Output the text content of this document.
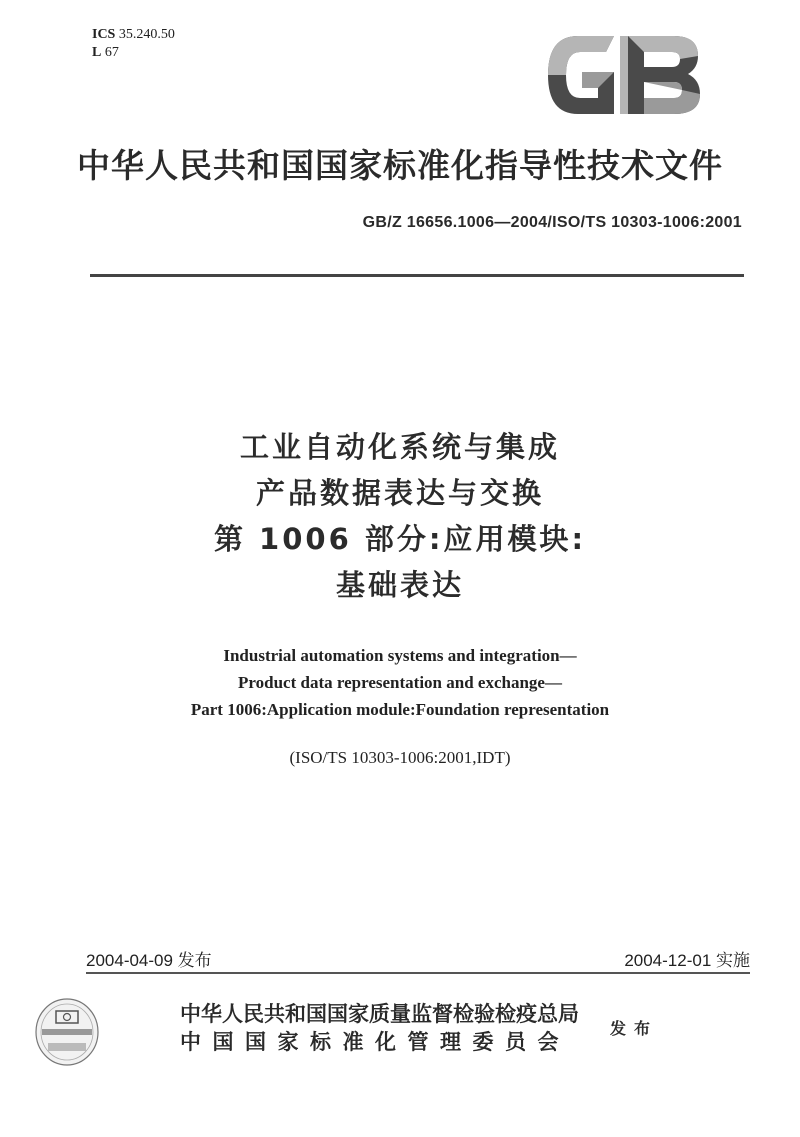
ICS 35.240.50
L 67
中华人民共和国国家标准化指导性技术文件
GB/Z 16656.1006—2004/ISO/TS 10303-1006:2001
工业自动化系统与集成
产品数据表达与交换
第 1006 部分:应用模块:
基础表达
Industrial automation systems and integration—
Product data representation and exchange—
Part 1006:Application module:Foundation representation
(ISO/TS 10303-1006:2001,IDT)
2004-04-09 发布	2004-12-01 实施
中华人民共和国国家质量监督检验检疫总局
中国国家标准化管理委员会
发布
